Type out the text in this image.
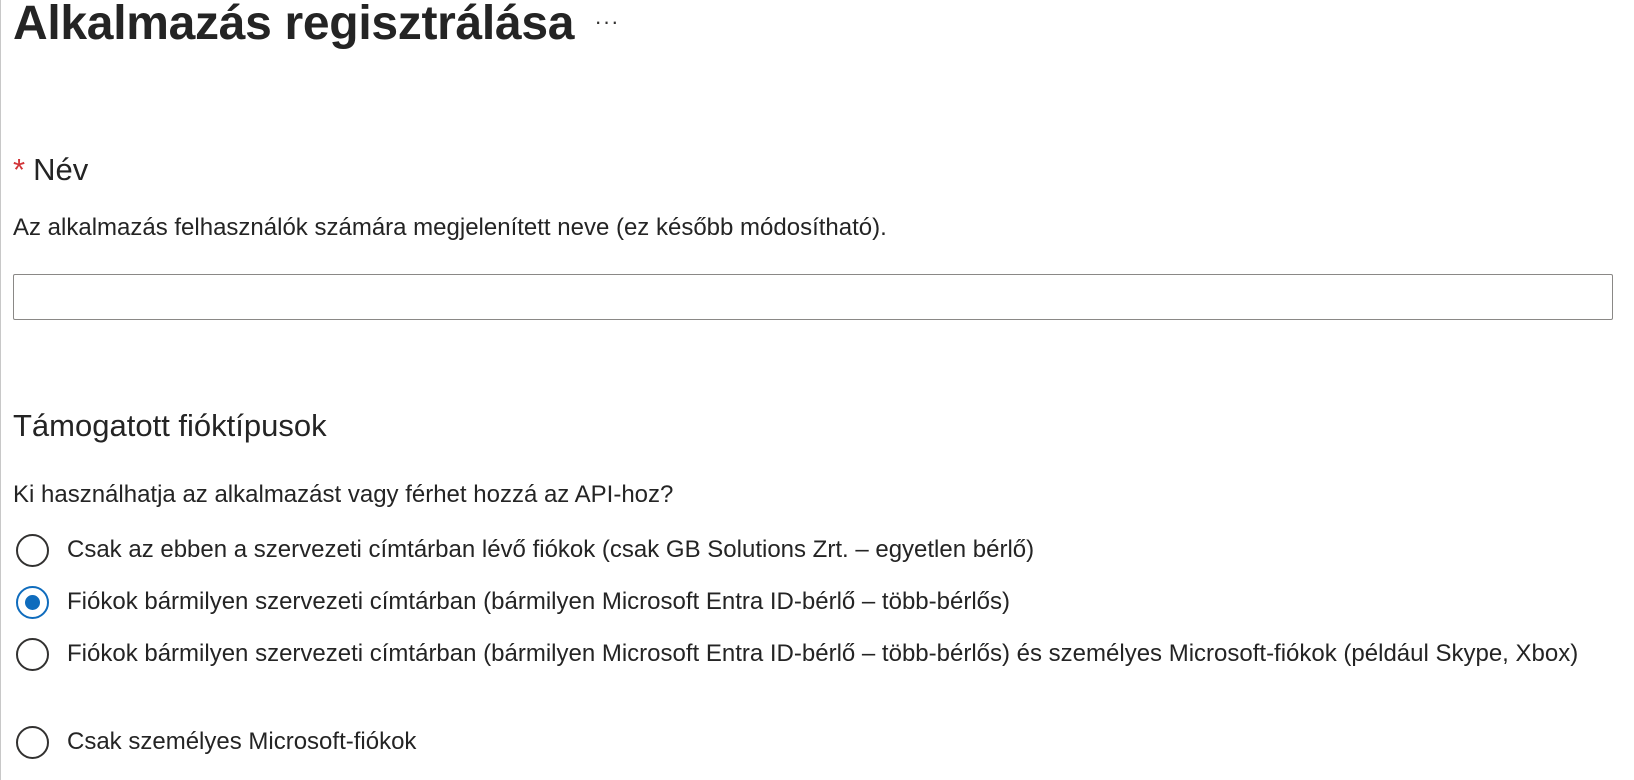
Alkalmazás regisztrálása ···
* Név
Az alkalmazás felhasználók számára megjelenített neve (ez később módosítható).
Támogatott fióktípusok
Ki használhatja az alkalmazást vagy férhet hozzá az API-hoz?
Csak az ebben a szervezeti címtárban lévő fiókok (csak GB Solutions Zrt. – egyetlen bérlő)
Fiókok bármilyen szervezeti címtárban (bármilyen Microsoft Entra ID-bérlő – több-bérlős)
Fiókok bármilyen szervezeti címtárban (bármilyen Microsoft Entra ID-bérlő – több-bérlős) és személyes Microsoft-fiókok (például Skype, Xbox)
Csak személyes Microsoft-fiókok
